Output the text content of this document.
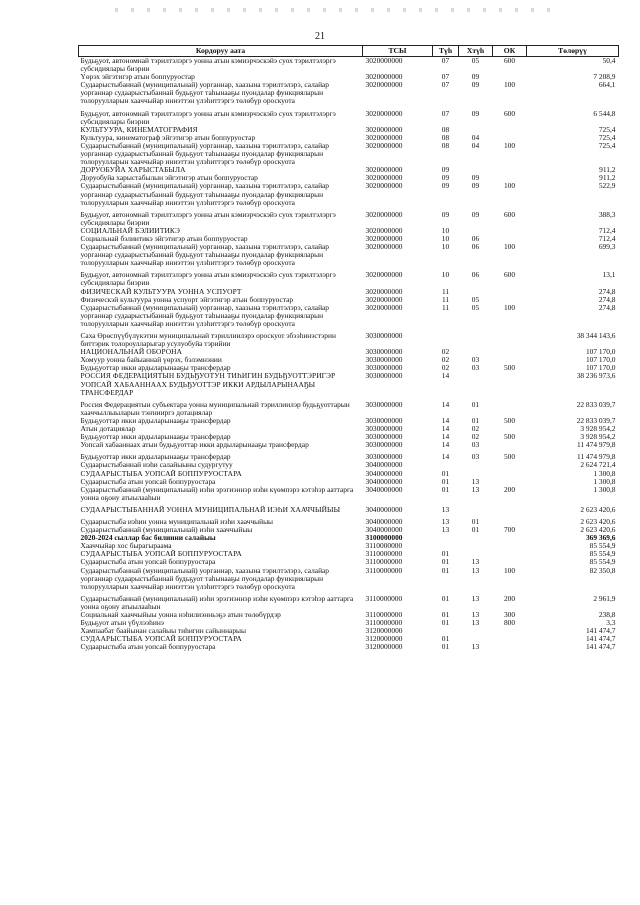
21
Кордоруу аата	ТСЫ	Түһ	Хтүһ	ОК	Төлөрүү
Будьҕуот, автономнай тэрилтэлэргэ уонна атын кэмиэрчэскэйэ суох тэрилтэлэргэ субсидиялары биэрии	3020000000	07	05	600	50,4
Үөрэх эйгэтигэр атын боппуруостар	3020000000	07	09		7 208,9
Судаарыстыбаннай (муниципальнай) уорганнар, хаазына тэрилтэлэрэ, салайар уорганнар судаарыстыбаннай будьҕуот таһынааҕы пуондалар функцияларын толоруулларын хааччыйар иниэттэн үлэһиттэргэ төлөбүр ороскуота	3020000000	07	09	100	664,1
Будьҕуот, автономнай тэрилтэлэргэ уонна атын кэмиэрчэскэйэ суох тэрилтэлэргэ субсидиялары биэрии	3020000000	07	09	600	6 544,8
КУЛЬТУУРА, КИНЕМАТОГРАФИЯ	3020000000	08			725,4
Культуура, кинематограф эйгэтигэр атын боппуруостар	3020000000	08	04		725,4
Судаарыстыбаннай (муниципальнай) уорганнар, хаазына тэрилтэлэрэ, салайар уорганнар судаарыстыбаннай будьҕуот таһынааҕы пуондалар функцияларын толоруулларын хааччыйар иниэттэн үлэһиттэргэ төлөбүр ороскуота	3020000000	08	04	100	725,4
ДОРУОБУЙА ХАРЫСТАБЫЛА	3020000000	09			911,2
Доруобуйа харыстабылын эйгэтигэр атын боппуруостар	3020000000	09	09		911,2
Судаарыстыбаннай (муниципальнай) уорганнар, хаазына тэрилтэлэрэ, салайар уорганнар судаарыстыбаннай будьҕуот таһынааҕы пуондалар функцияларын толоруулларын хааччыйар иниэттэн үлэһиттэргэ төлөбүр ороскуота	3020000000	09	09	100	522,9
Будьҕуот, автономнай тэрилтэлэргэ уонна атын кэмиэрчэскэйэ суох тэрилтэлэргэ субсидиялары биэрии	3020000000	09	09	600	388,3
СОЦИАЛЬНАЙ БЭЛИИТИКЭ	3020000000	10			712,4
Социальнай бэлиитикэ эйгэтигэр атын боппуруостар	3020000000	10	06		712,4
Судаарыстыбаннай (муниципальнай) уорганнар, хаазына тэрилтэлэрэ, салайар уорганнар судаарыстыбаннай будьҕуот таһынааҕы пуондалар функцияларын толоруулларын хааччыйар иниэттэн үлэһиттэргэ төлөбүр ороскуота	3020000000	10	06	100	699,3
Будьҕуот, автономнай тэрилтэлэргэ уонна атын кэмиэрчэскэйэ суох тэрилтэлэргэ субсидиялары биэрии	3020000000	10	06	600	13,1
ФИЗИЧЕСКАЙ КУЛЬТУУРА УОННА УСПУОРТ	3020000000	11			274,8
Физическэй культуура уонна успуорт эйгэтигэр атын боппуруостар	3020000000	11	05		274,8
Судаарыстыбаннай (муниципальнай) уорганнар, хаазына тэрилтэлэрэ, салайар уорганнар судаарыстыбаннай будьҕуот таһынааҕы пуондалар функцияларын толоруулларын хааччыйар иниэттэн үлэһиттэргэ төлөбүр ороскуота	3020000000	11	05	100	274,8
Саха Өрөспүүбүлүкэтин муниципальнай тэриллиилэрэ ороскуот эбээһинэстэрин биттэрик толороулларыгар усулуобуйа тэрийии	3030000000				38 344 143,6
НАЦИОНАЛЬНАЙ ОБОРОНА	3030000000	02			107 170,0
Хомуур уонна байыаннай үөрэх, бэлэмнэнии	3030000000	02	03		107 170,0
Будьҕуоттар икки ардыларынааҕы трансфердар	3030000000	02	03	500	107 170,0
РОССИЯ ФЕДЕРАЦИЯТЫН БУДЬҔУОТУН ТИҺИГИН БУДЬҔУОТТЭРИГЭР УОПСАЙ ХАБААННААХ БУДЬҔУОТТЭР ИККИ АРДЫЛАРЫНААҔЫ ТРАНСФЕРДАР	3030000000	14			38 236 973,6
Россия Федерациятын субъектара уонна муниципальнай тэриллиилэр будьҕуоттарын хааччыллыыларын тэҥнииргэ дотациялар	3030000000	14	01		22 833 039,7
Будьҕуоттар икки ардыларынааҕы трансфердар	3030000000	14	01	500	22 833 039,7
Атын дотациялар	3030000000	14	02		3 928 954,2
Будьҕуоттар икки ардыларынааҕы трансфердар	3030000000	14	02	500	3 928 954,2
Уопсай хабааннаах атын будьҕуоттар икки ардыларынааҕы трансфердар	3030000000	14	03		11 474 979,8
Будьҕуоттар икки ардыларынааҕы трансфердар	3030000000	14	03	500	11 474 979,8
Судаарыстыбаннай иэһи салайыыны судургутуу	3040000000				2 624 721,4
СУДААРЫСТЫБА УОПСАЙ БОППУРУОСТАРА	3040000000	01			1 300,8
Судаарыстыба атын уопсай боппуруостара	3040000000	01	13		1 300,8
Судаарыстыбаннай (муниципальнай) иэһи эрэгиэннэр иэһи күөмпэрэ кэтэһэр ааттарга уонна оҕону атыылааһын	3040000000	01	13	200	1 300,8
СУДААРЫСТЫБАННАЙ УОННА МУНИЦИПАЛЬНАЙ ИЭҺИ ХААЧЧЫЙЫЫ	3040000000	13			2 623 420,6
Судаарыстыба иэһин уонна муниципальнай иэһи хааччыйыы	3040000000	13	01		2 623 420,6
Судаарыстыбаннай (муниципальнай) иэһи хааччыйыы	3040000000	13	01	700	2 623 420,6
2020-2024 сыллар бас билиини салайыы	3100000000				369 369,6
Хааччыйар хос бырагыраама	3110000000				85 554,9
СУДААРЫСТЫБА УОПСАЙ БОППУРУОСТАРА	3110000000	01			85 554,9
Судаарыстыба атын уопсай боппуруостара	3110000000	01	13		85 554,9
Судаарыстыбаннай (муниципальнай) уорганнар, хаазына тэрилтэлэрэ, салайар уорганнар судаарыстыбаннай будьҕуот таһынааҕы пуондалар функцияларын толоруулларын хааччыйар иниэттэн үлэһиттэргэ төлөбүр ороскуота	3110000000	01	13	100	82 350,8
Судаарыстыбаннай (муниципальнай) иэһи эрэгиэннэр иэһи күөмпэрэ кэтэһэр ааттарга уонна оҕону атыылааһын	3110000000	01	13	200	2 961,9
Социальнай хааччыйыы уонна нэһилиэнньэҕэ атын төлөбүрдэр	3110000000	01	13	300	238,8
Будьҕуот атын үбүлээһинэ	3110000000	01	13	800	3,3
Хампаабат баайынан салайыы тиһигин сайыннарыы	3120000000				141 474,7
СУДААРЫСТЫБА УОПСАЙ БОППУРУОСТАРА	3120000000	01			141 474,7
Судаарыстыба атын уопсай боппуруостара	3120000000	01	13		141 474,7
